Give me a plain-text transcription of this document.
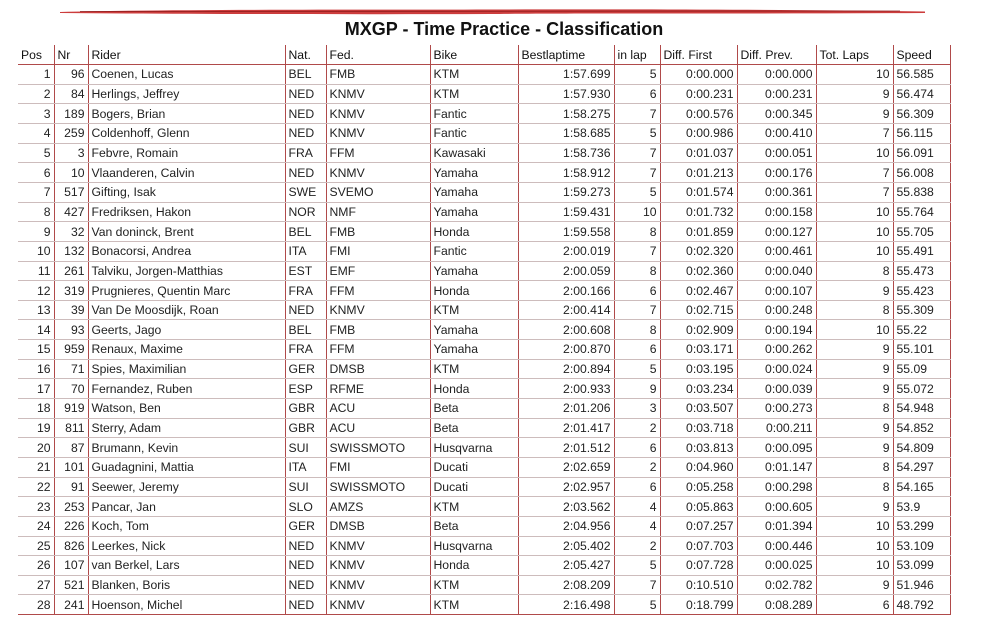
MXGP - Time Practice - Classification
Pos	Nr	Rider	Nat.	Fed.	Bike	Bestlaptime	in lap	Diff. First	Diff. Prev.	Tot. Laps	Speed
1	96	Coenen, Lucas	BEL	FMB	KTM	1:57.699	5	0:00.000	0:00.000	10	56.585
2	84	Herlings, Jeffrey	NED	KNMV	KTM	1:57.930	6	0:00.231	0:00.231	9	56.474
3	189	Bogers, Brian	NED	KNMV	Fantic	1:58.275	7	0:00.576	0:00.345	9	56.309
4	259	Coldenhoff, Glenn	NED	KNMV	Fantic	1:58.685	5	0:00.986	0:00.410	7	56.115
5	3	Febvre, Romain	FRA	FFM	Kawasaki	1:58.736	7	0:01.037	0:00.051	10	56.091
6	10	Vlaanderen, Calvin	NED	KNMV	Yamaha	1:58.912	7	0:01.213	0:00.176	7	56.008
7	517	Gifting, Isak	SWE	SVEMO	Yamaha	1:59.273	5	0:01.574	0:00.361	7	55.838
8	427	Fredriksen, Hakon	NOR	NMF	Yamaha	1:59.431	10	0:01.732	0:00.158	10	55.764
9	32	Van doninck, Brent	BEL	FMB	Honda	1:59.558	8	0:01.859	0:00.127	10	55.705
10	132	Bonacorsi, Andrea	ITA	FMI	Fantic	2:00.019	7	0:02.320	0:00.461	10	55.491
11	261	Talviku, Jorgen-Matthias	EST	EMF	Yamaha	2:00.059	8	0:02.360	0:00.040	8	55.473
12	319	Prugnieres, Quentin Marc	FRA	FFM	Honda	2:00.166	6	0:02.467	0:00.107	9	55.423
13	39	Van De Moosdijk, Roan	NED	KNMV	KTM	2:00.414	7	0:02.715	0:00.248	8	55.309
14	93	Geerts, Jago	BEL	FMB	Yamaha	2:00.608	8	0:02.909	0:00.194	10	55.22
15	959	Renaux, Maxime	FRA	FFM	Yamaha	2:00.870	6	0:03.171	0:00.262	9	55.101
16	71	Spies, Maximilian	GER	DMSB	KTM	2:00.894	5	0:03.195	0:00.024	9	55.09
17	70	Fernandez, Ruben	ESP	RFME	Honda	2:00.933	9	0:03.234	0:00.039	9	55.072
18	919	Watson, Ben	GBR	ACU	Beta	2:01.206	3	0:03.507	0:00.273	8	54.948
19	811	Sterry, Adam	GBR	ACU	Beta	2:01.417	2	0:03.718	0:00.211	9	54.852
20	87	Brumann, Kevin	SUI	SWISSMOTO	Husqvarna	2:01.512	6	0:03.813	0:00.095	9	54.809
21	101	Guadagnini, Mattia	ITA	FMI	Ducati	2:02.659	2	0:04.960	0:01.147	8	54.297
22	91	Seewer, Jeremy	SUI	SWISSMOTO	Ducati	2:02.957	6	0:05.258	0:00.298	8	54.165
23	253	Pancar, Jan	SLO	AMZS	KTM	2:03.562	4	0:05.863	0:00.605	9	53.9
24	226	Koch, Tom	GER	DMSB	Beta	2:04.956	4	0:07.257	0:01.394	10	53.299
25	826	Leerkes, Nick	NED	KNMV	Husqvarna	2:05.402	2	0:07.703	0:00.446	10	53.109
26	107	van Berkel, Lars	NED	KNMV	Honda	2:05.427	5	0:07.728	0:00.025	10	53.099
27	521	Blanken, Boris	NED	KNMV	KTM	2:08.209	7	0:10.510	0:02.782	9	51.946
28	241	Hoenson, Michel	NED	KNMV	KTM	2:16.498	5	0:18.799	0:08.289	6	48.792
